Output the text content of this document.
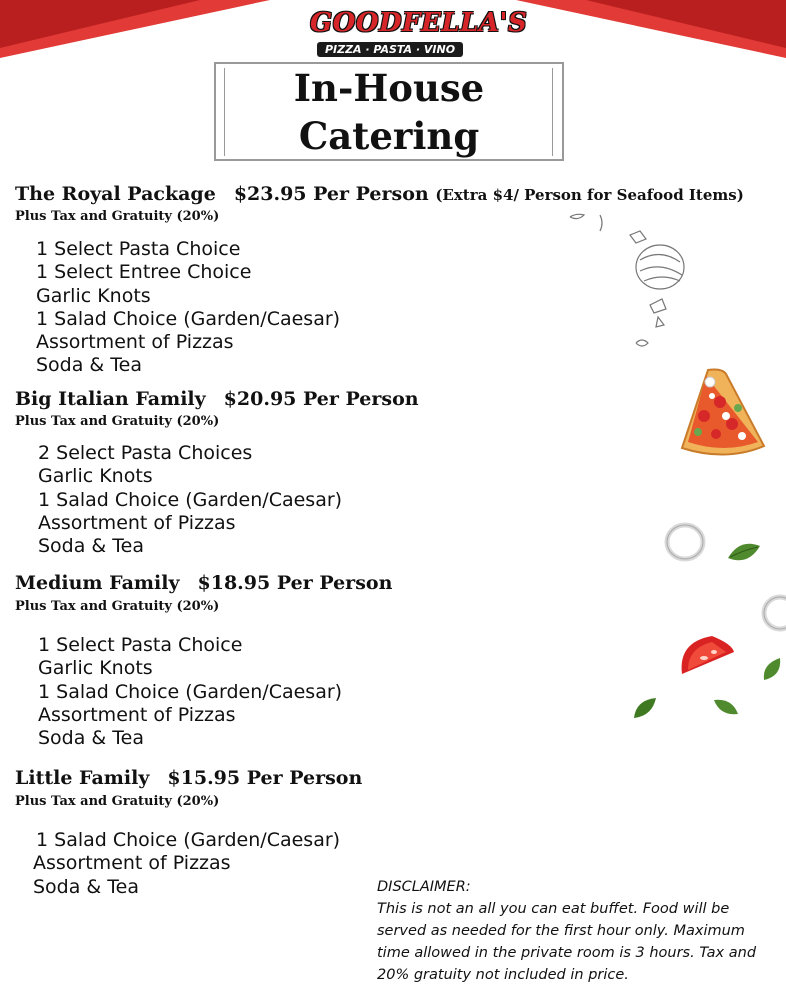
GOODFELLA'S
PIZZA · PASTA · VINO
In-House
Catering
The Royal Package $23.95 Per Person (Extra $4/ Person for Seafood Items)
Plus Tax and Gratuity (20%)
1 Select Pasta Choice
1 Select Entree Choice
Garlic Knots
1 Salad Choice (Garden/Caesar)
Assortment of Pizzas
Soda & Tea
Big Italian Family $20.95 Per Person
Plus Tax and Gratuity (20%)
2 Select Pasta Choices
Garlic Knots
1 Salad Choice (Garden/Caesar)
Assortment of Pizzas
Soda & Tea
Medium Family $18.95 Per Person
Plus Tax and Gratuity (20%)
1 Select Pasta Choice
Garlic Knots
1 Salad Choice (Garden/Caesar)
Assortment of Pizzas
Soda & Tea
Little Family $15.95 Per Person
Plus Tax and Gratuity (20%)
1 Salad Choice (Garden/Caesar)
Assortment of Pizzas
Soda & Tea	DISCLAIMER:
This is not an all you can eat buffet. Food will be served as needed for the first hour only. Maximum time allowed in the private room is 3 hours. Tax and 20% gratuity not included in price.
